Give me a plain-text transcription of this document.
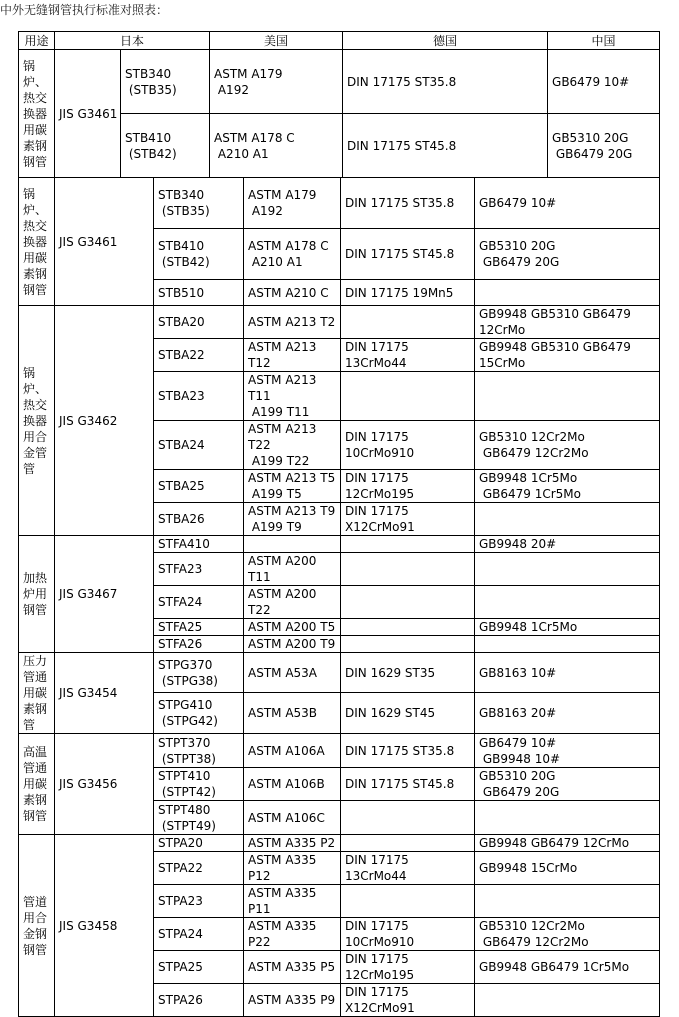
中外无缝钢管执行标准对照表：
用途	日本		美国	德国	中国
锅炉、热交换器用碳素钢钢管	JIS G3461	STB340
(STB35)	ASTM A179
A192	DIN 17175 ST35.8	GB6479 10#
		STB410
(STB42)	ASTM A178 C
A210 A1	DIN 17175 ST45.8	GB5310 20G
GB6479 20G
锅炉、热交换器用碳素钢钢管	JIS G3461	STB340
(STB35)	ASTM A179
A192	DIN 17175 ST35.8	GB6479 10#
		STB410
(STB42)	ASTM A178 C
A210 A1	DIN 17175 ST45.8	GB5310 20G
GB6479 20G
		STB510	ASTM A210 C	DIN 17175 19Mn5	
锅炉、热交换器用合金管管	JIS G3462	STBA20	ASTM A213 T2		GB9948 GB5310 GB6479 12CrMo
		STBA22	ASTM A213 T12	DIN 17175 13CrMo44	GB9948 GB5310 GB6479 15CrMo
		STBA23	ASTM A213 T11
A199 T11		
		STBA24	ASTM A213 T22
A199 T22	DIN 17175 10CrMo910	GB5310 12Cr2Mo
GB6479 12Cr2Mo
		STBA25	ASTM A213 T5
A199 T5	DIN 17175 12CrMo195	GB9948 1Cr5Mo
GB6479 1Cr5Mo
		STBA26	ASTM A213 T9
A199 T9	DIN 17175 X12CrMo91	
加热炉用钢管	JIS G3467	STFA410			GB9948 20#
		STFA23	ASTM A200 T11		
		STFA24	ASTM A200 T22		
		STFA25	ASTM A200 T5		GB9948 1Cr5Mo
		STFA26	ASTM A200 T9		
压力管通用碳素钢管	JIS G3454	STPG370
(STPG38)	ASTM A53A	DIN 1629 ST35	GB8163 10#
		STPG410
(STPG42)	ASTM A53B	DIN 1629 ST45	GB8163 20#
高温管通用碳素钢钢管	JIS G3456	STPT370
(STPT38)	ASTM A106A	DIN 17175 ST35.8	GB6479 10#
GB9948 10#
		STPT410
(STPT42)	ASTM A106B	DIN 17175 ST45.8	GB5310 20G
GB6479 20G
		STPT480
(STPT49)	ASTM A106C		
管道用合金钢钢管	JIS G3458	STPA20	ASTM A335 P2		GB9948 GB6479 12CrMo
		STPA22	ASTM A335 P12	DIN 17175 13CrMo44	GB9948 15CrMo
		STPA23	ASTM A335 P11		
		STPA24	ASTM A335 P22	DIN 17175 10CrMo910	GB5310 12Cr2Mo
GB6479 12Cr2Mo
		STPA25	ASTM A335 P5	DIN 17175 12CrMo195	GB9948 GB6479 1Cr5Mo
		STPA26	ASTM A335 P9	DIN 17175 X12CrMo91	
